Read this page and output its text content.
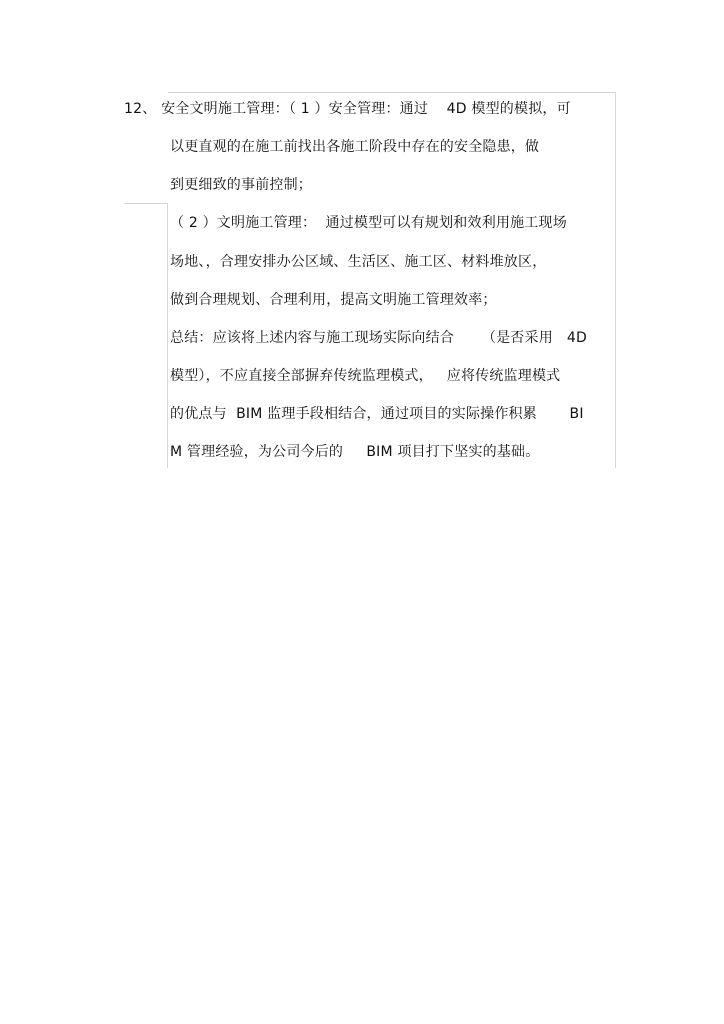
12、 安全文明施工管理：（ 1 ）安全管理：通过    4D 模型的模拟，可
以更直观的在施工前找出各施工阶段中存在的安全隐患，做
到更细致的事前控制；
（ 2 ）文明施工管理：  通过模型可以有规划和效利用施工现场
场地、，合理安排办公区域、生活区、施工区、材料堆放区，
做到合理规划、合理利用，提高文明施工管理效率；
总结：应该将上述内容与施工现场实际向结合      （是否采用   4D
模型），不应直接全部摒弃传统监理模式，   应将传统监理模式
的优点与  BIM 监理手段相结合，通过项目的实际操作积累       BI
M 管理经验，为公司今后的     BIM 项目打下坚实的基础。
